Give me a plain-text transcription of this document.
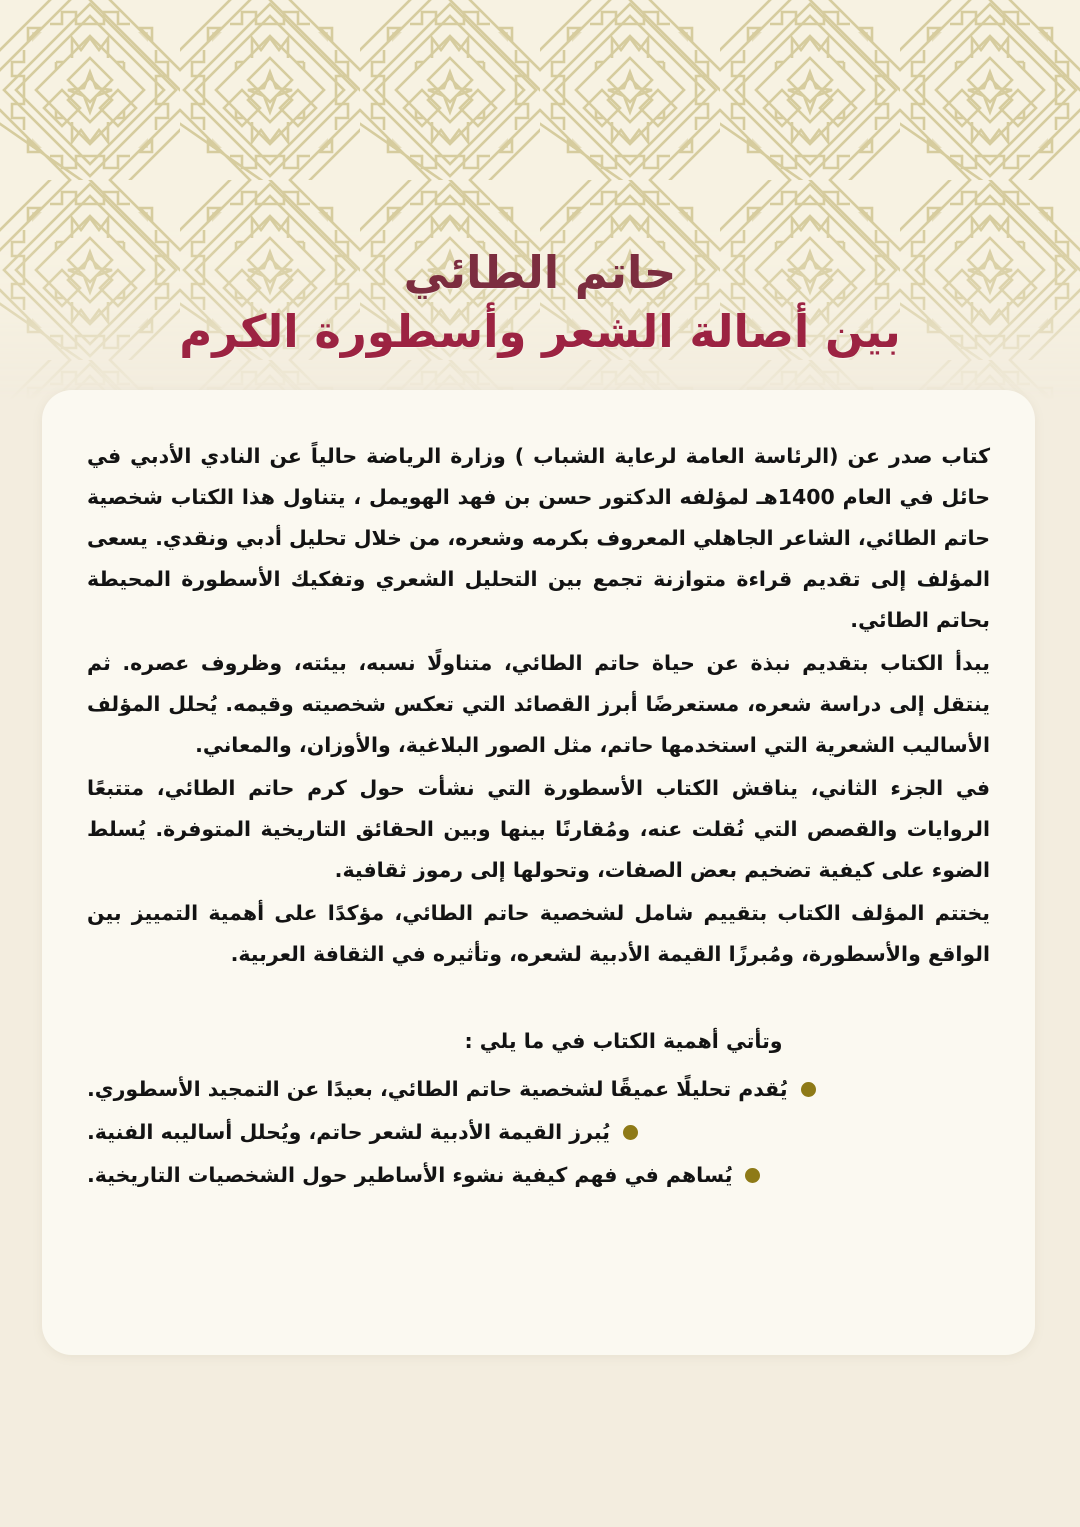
حاتم الطائي
بين أصالة الشعر وأسطورة الكرم

كتاب صدر عن (الرئاسة العامة لرعاية الشباب ) وزارة الرياضة حالياً عن النادي الأدبي في حائل في العام 1400هـ لمؤلفه الدكتور حسن بن فهد الهويمل ، يتناول هذا الكتاب شخصية حاتم الطائي، الشاعر الجاهلي المعروف بكرمه وشعره، من خلال تحليل أدبي ونقدي. يسعى المؤلف إلى تقديم قراءة متوازنة تجمع بين التحليل الشعري وتفكيك الأسطورة المحيطة بحاتم الطائي.

يبدأ الكتاب بتقديم نبذة عن حياة حاتم الطائي، متناولًا نسبه، بيئته، وظروف عصره. ثم ينتقل إلى دراسة شعره، مستعرضًا أبرز القصائد التي تعكس شخصيته وقيمه. يُحلل المؤلف الأساليب الشعرية التي استخدمها حاتم، مثل الصور البلاغية، والأوزان، والمعاني.

في الجزء الثاني، يناقش الكتاب الأسطورة التي نشأت حول كرم حاتم الطائي، متتبعًا الروايات والقصص التي نُقلت عنه، ومُقارنًا بينها وبين الحقائق التاريخية المتوفرة. يُسلط الضوء على كيفية تضخيم بعض الصفات، وتحولها إلى رموز ثقافية.

يختتم المؤلف الكتاب بتقييم شامل لشخصية حاتم الطائي، مؤكدًا على أهمية التمييز بين الواقع والأسطورة، ومُبرزًا القيمة الأدبية لشعره، وتأثيره في الثقافة العربية.

وتأتي أهمية الكتاب في ما يلي :
يُقدم تحليلًا عميقًا لشخصية حاتم الطائي، بعيدًا عن التمجيد الأسطوري.
يُبرز القيمة الأدبية لشعر حاتم، ويُحلل أساليبه الفنية.
يُساهم في فهم كيفية نشوء الأساطير حول الشخصيات التاريخية.
